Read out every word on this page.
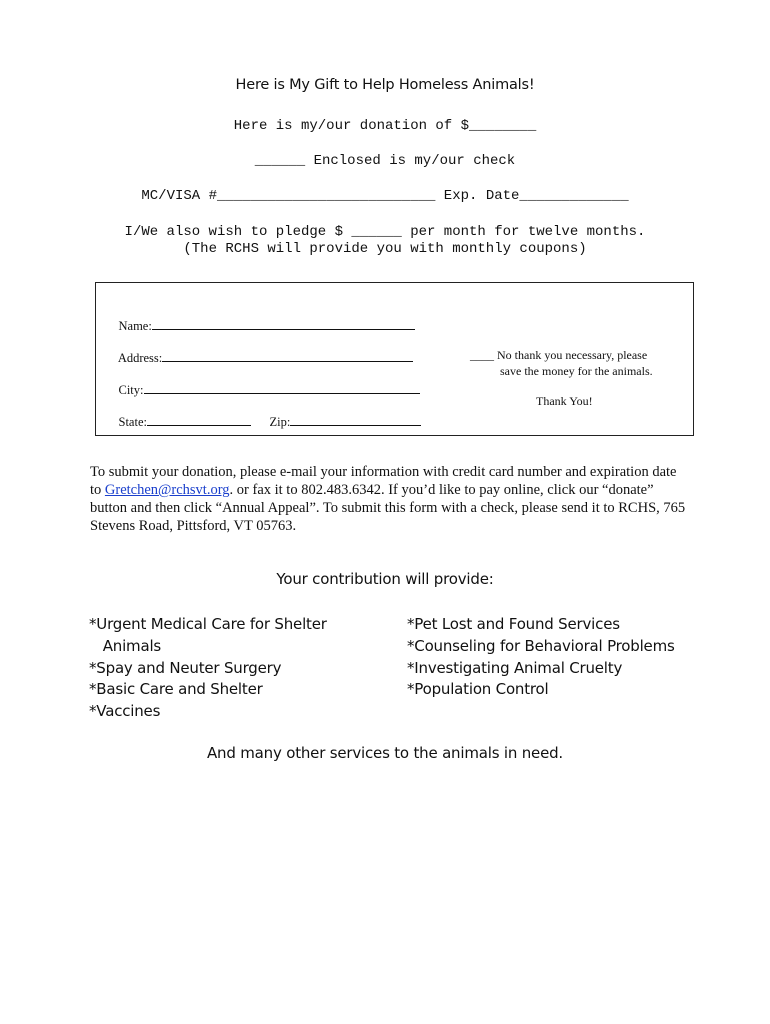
Here is My Gift to Help Homeless Animals!
Here is my/our donation of $________
______ Enclosed is my/our check
MC/VISA #__________________________ Exp. Date_____________
I/We also wish to pledge $ ______ per month for twelve months.
(The RCHS will provide you with monthly coupons)

Name:

Address:

City:

State:
	Zip:

____ No thank you necessary, please
save the money for the animals.
Thank You!
To submit your donation, please e-mail your information with credit card number and expiration date to Gretchen@rchsvt.org. or fax it to 802.483.6342. If you’d like to pay online, click our “donate” button and then click “Annual Appeal”. To submit this form with a check, please send it to RCHS, 765 Stevens Road, Pittsford, VT 05763.
Your contribution will provide:
*Urgent Medical Care for Shelter
Animals
*Spay and Neuter Surgery
*Basic Care and Shelter
*Vaccines
*Pet Lost and Found Services
*Counseling for Behavioral Problems
*Investigating Animal Cruelty
*Population Control
And many other services to the animals in need.
